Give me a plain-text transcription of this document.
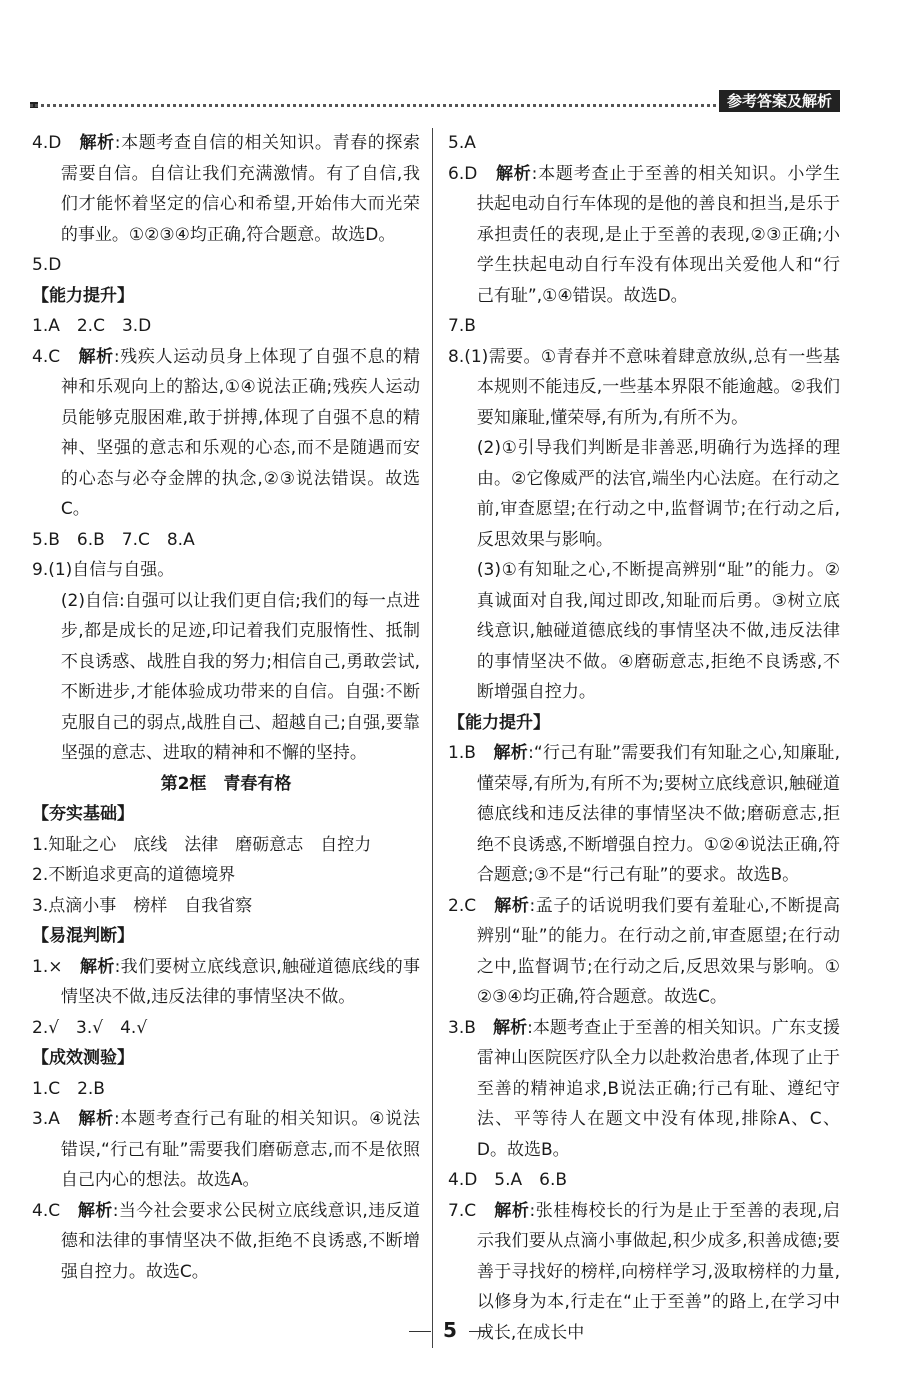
参考答案及解析

4.D　解析:本题考查自信的相关知识。青春的探索需要自信。自信让我们充满激情。有了自信,我们才能怀着坚定的信心和希望,开始伟大而光荣的事业。①②③④均正确,符合题意。故选D。

5.D

【能力提升】

1.A　2.C　3.D

4.C　解析:残疾人运动员身上体现了自强不息的精神和乐观向上的豁达,①④说法正确;残疾人运动员能够克服困难,敢于拼搏,体现了自强不息的精神、坚强的意志和乐观的心态,而不是随遇而安的心态与必夺金牌的执念,②③说法错误。故选C。

5.B　6.B　7.C　8.A

9.(1)自信与自强。

(2)自信:自强可以让我们更自信;我们的每一点进步,都是成长的足迹,印记着我们克服惰性、抵制不良诱惑、战胜自我的努力;相信自己,勇敢尝试,不断进步,才能体验成功带来的自信。自强:不断克服自己的弱点,战胜自己、超越自己;自强,要靠坚强的意志、进取的精神和不懈的坚持。

第2框　青春有格

【夯实基础】

1.知耻之心　底线　法律　磨砺意志　自控力

2.不断追求更高的道德境界

3.点滴小事　榜样　自我省察

【易混判断】

1.×　解析:我们要树立底线意识,触碰道德底线的事情坚决不做,违反法律的事情坚决不做。

2.√　3.√　4.√

【成效测验】

1.C　2.B

3.A　解析:本题考查行己有耻的相关知识。④说法错误,“行己有耻”需要我们磨砺意志,而不是依照自己内心的想法。故选A。

4.C　解析:当今社会要求公民树立底线意识,违反道德和法律的事情坚决不做,拒绝不良诱惑,不断增强自控力。故选C。

5.A

6.D　解析:本题考查止于至善的相关知识。小学生扶起电动自行车体现的是他的善良和担当,是乐于承担责任的表现,是止于至善的表现,②③正确;小学生扶起电动自行车没有体现出关爱他人和“行己有耻”,①④错误。故选D。

7.B

8.(1)需要。①青春并不意味着肆意放纵,总有一些基本规则不能违反,一些基本界限不能逾越。②我们要知廉耻,懂荣辱,有所为,有所不为。

(2)①引导我们判断是非善恶,明确行为选择的理由。②它像威严的法官,端坐内心法庭。在行动之前,审查愿望;在行动之中,监督调节;在行动之后,反思效果与影响。

(3)①有知耻之心,不断提高辨别“耻”的能力。②真诚面对自我,闻过即改,知耻而后勇。③树立底线意识,触碰道德底线的事情坚决不做,违反法律的事情坚决不做。④磨砺意志,拒绝不良诱惑,不断增强自控力。

【能力提升】

1.B　解析:“行己有耻”需要我们有知耻之心,知廉耻,懂荣辱,有所为,有所不为;要树立底线意识,触碰道德底线和违反法律的事情坚决不做;磨砺意志,拒绝不良诱惑,不断增强自控力。①②④说法正确,符合题意;③不是“行己有耻”的要求。故选B。

2.C　解析:孟子的话说明我们要有羞耻心,不断提高辨别“耻”的能力。在行动之前,审查愿望;在行动之中,监督调节;在行动之后,反思效果与影响。①②③④均正确,符合题意。故选C。

3.B　解析:本题考查止于至善的相关知识。广东支援雷神山医院医疗队全力以赴救治患者,体现了止于至善的精神追求,B说法正确;行己有耻、遵纪守法、平等待人在题文中没有体现,排除A、C、D。故选B。

4.D　5.A　6.B

7.C　解析:张桂梅校长的行为是止于至善的表现,启示我们要从点滴小事做起,积少成多,积善成德;要善于寻找好的榜样,向榜样学习,汲取榜样的力量,以修身为本,行走在“止于至善”的路上,在学习中成长,在成长中

5
